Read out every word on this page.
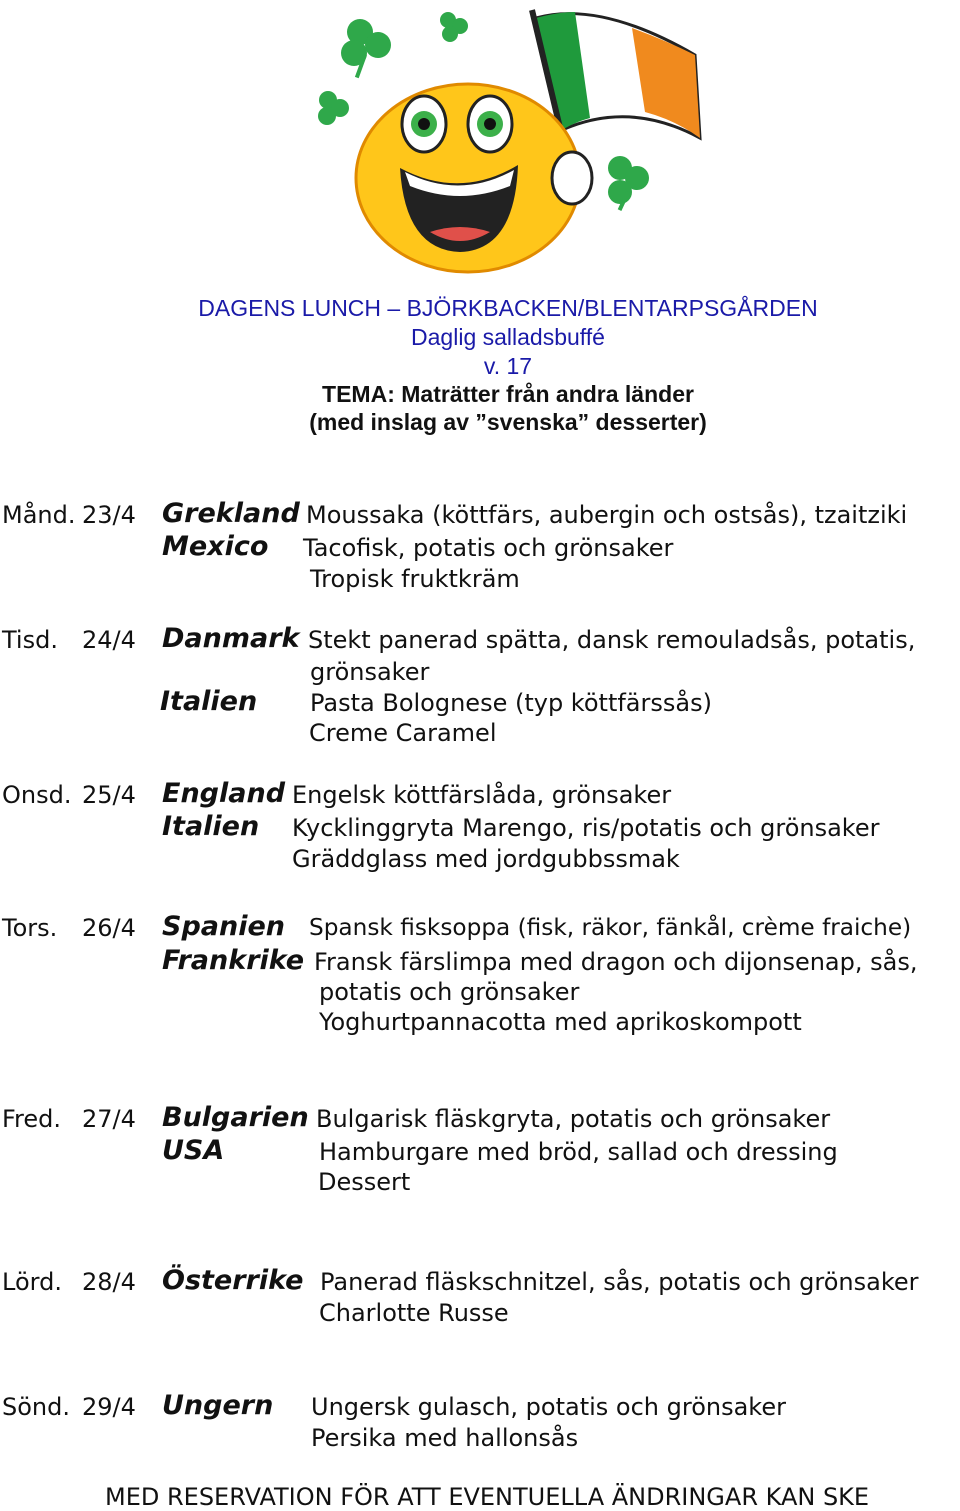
DAGENS LUNCH – BJÖRKBACKEN/BLENTARPSGÅRDEN
Daglig salladsbuffé
v. 17
TEMA: Maträtter från andra länder
(med inslag av ”svenska” desserter)
Månd. 23/4 Grekland Moussaka (köttfärs, aubergin och ostsås), tzaitziki
Mexico Tacofisk, potatis och grönsaker
Tropisk fruktkräm
Tisd. 24/4 Danmark Stekt panerad spätta, dansk remouladsås, potatis,
grönsaker
Italien Pasta Bolognese (typ köttfärssås)
Creme Caramel
Onsd. 25/4 England Engelsk köttfärslåda, grönsaker
Italien Kycklinggryta Marengo, ris/potatis och grönsaker
Gräddglass med jordgubbssmak
Tors. 26/4 Spanien Spansk fisksoppa (fisk, räkor, fänkål, crème fraiche)
Frankrike Fransk färslimpa med dragon och dijonsenap, sås,
potatis och grönsaker
Yoghurtpannacotta med aprikoskompott
Fred. 27/4 Bulgarien Bulgarisk fläskgryta, potatis och grönsaker
USA	Hamburgare med bröd, sallad och dressing
Dessert
Lörd. 28/4 Österrike Panerad fläskschnitzel, sås, potatis och grönsaker
Charlotte Russe
Sönd. 29/4 Ungern Ungersk gulasch, potatis och grönsaker
Persika med hallonsås
MED RESERVATION FÖR ATT EVENTUELLA ÄNDRINGAR KAN SKE
